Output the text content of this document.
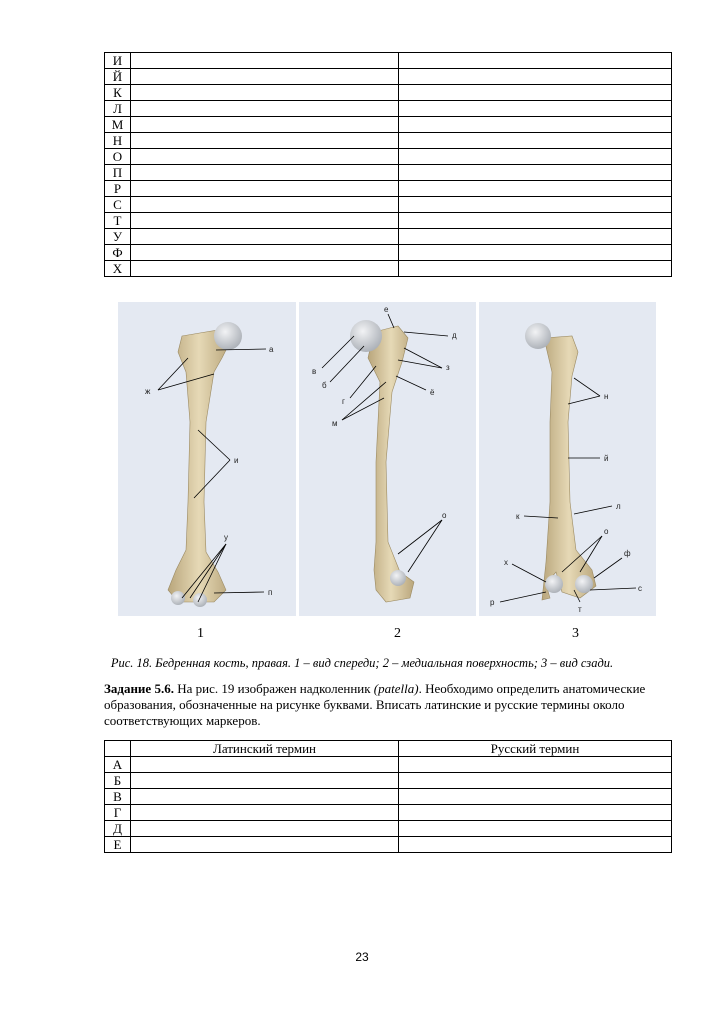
И		
Й		
К		
Л		
М		
Н		
О		
П		
Р		
С		
Т		
У		
Ф		
Х		
а
ж
и
у
п
е
д
в
б
з
г
ё
м
о
н
й
л
к
о
ф
х
с
р
т
1	2	3
Рис. 18. Бедренная кость, правая. 1 – вид спереди; 2 – медиальная поверхность; 3 – вид сзади.
Задание 5.6. На рис. 19 изображен надколенник (patella). Необходимо определить анатомические образования, обозначенные на рисунке буквами. Вписать латинские и русские термины около соответствующих маркеров.
	Латинский термин	Русский термин
А		
Б		
В		
Г		
Д		
Е		
23
